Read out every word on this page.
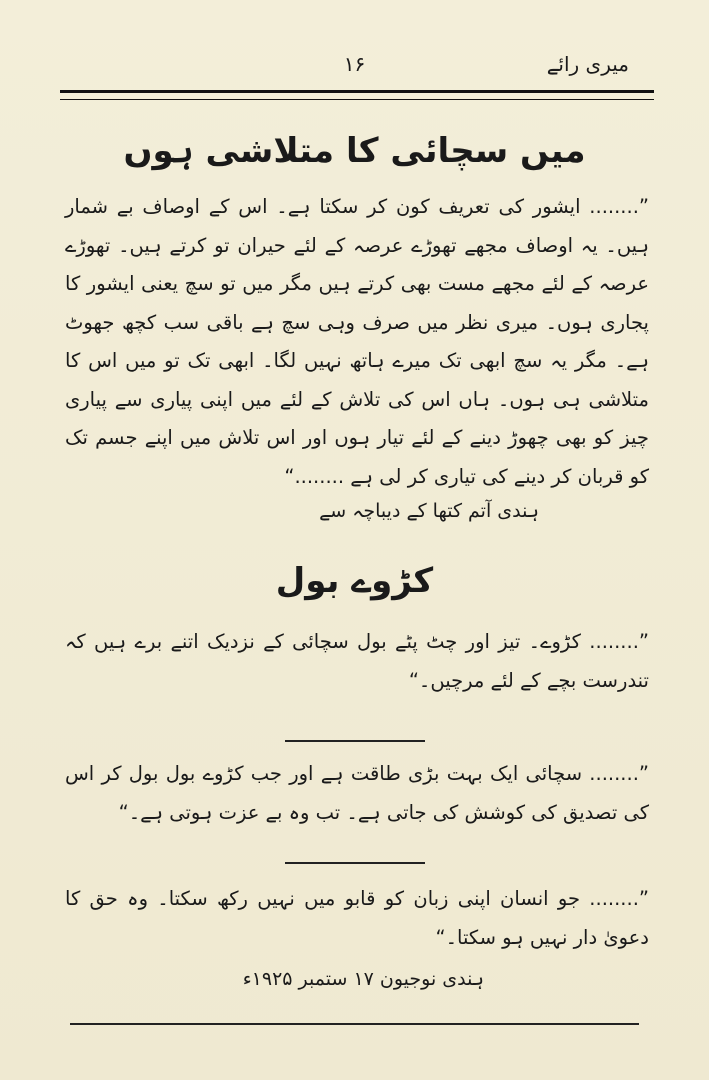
میری رائے
۱۶
میں سچائی کا متلاشی ہوں

”........ ایشور کی تعریف کون کر سکتا ہے۔ اس کے اوصاف بے شمار ہیں۔ یہ اوصاف مجھے تھوڑے عرصہ کے لئے حیران تو کرتے ہیں۔ تھوڑے عرصہ کے لئے مجھے مست بھی کرتے ہیں مگر میں تو سچ یعنی ایشور کا پجاری ہوں۔ میری نظر میں صرف وہی سچ ہے باقی سب کچھ جھوٹ ہے۔ مگر یہ سچ ابھی تک میرے ہاتھ نہیں لگا۔ ابھی تک تو میں اس کا متلاشی ہی ہوں۔ ہاں اس کی تلاش کے لئے میں اپنی پیاری سے پیاری چیز کو بھی چھوڑ دینے کے لئے تیار ہوں اور اس تلاش میں اپنے جسم تک کو قربان کر دینے کی تیاری کر لی ہے ........“

ہندی آتم کتھا کے دیباچہ سے
کڑوے بول

”........ کڑوے۔ تیز اور چٹ پٹے بول سچائی کے نزدیک اتنے برے ہیں کہ تندرست بچے کے لئے مرچیں۔“

”........ سچائی ایک بہت بڑی طاقت ہے اور جب کڑوے بول بول کر اس کی تصدیق کی کوشش کی جاتی ہے۔ تب وہ بے عزت ہوتی ہے۔“

”........ جو انسان اپنی زبان کو قابو میں نہیں رکھ سکتا۔ وہ حق کا دعویٰ دار نہیں ہو سکتا۔“

ہندی نوجیون ۱۷ ستمبر ۱۹۲۵ء
